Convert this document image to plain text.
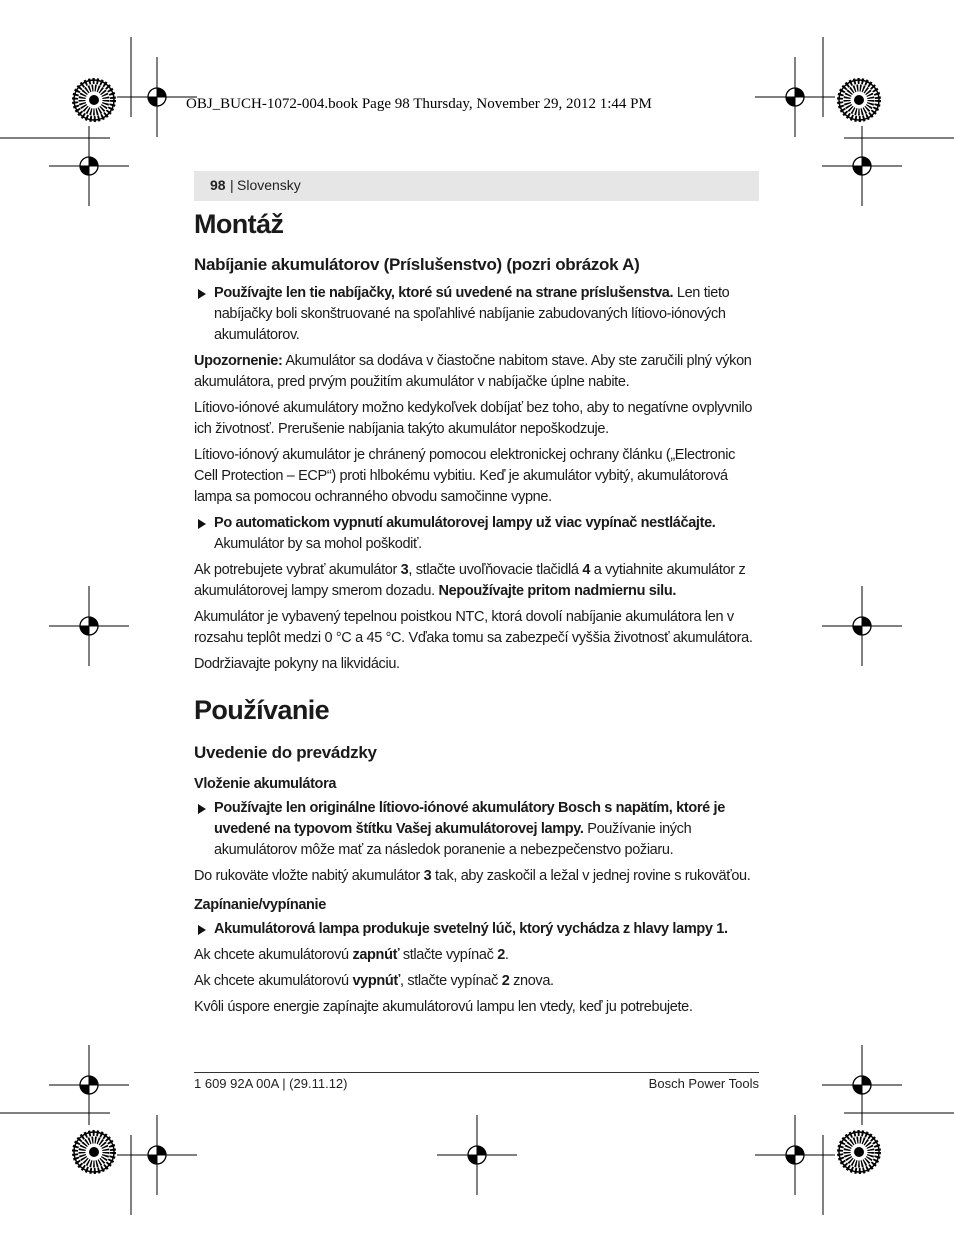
OBJ_BUCH-1072-004.book Page 98 Thursday, November 29, 2012 1:44 PM
98 | Slovensky
Montáž
Nabíjanie akumulátorov (Príslušenstvo) (pozri obrázok A)

Používajte len tie nabíjačky, ktoré sú uvedené na strane príslušenstva. Len tieto nabíjačky boli skonštruované na spoľahlivé nabíjanie zabudovaných lítiovo-iónových akumulátorov.

Upozornenie: Akumulátor sa dodáva v čiastočne nabitom stave. Aby ste zaručili plný výkon akumulátora, pred prvým použitím akumulátor v nabíjačke úplne nabite.

Lítiovo-iónové akumulátory možno kedykoľvek dobíjať bez toho, aby to negatívne ovplyvnilo ich životnosť. Prerušenie nabíjania takýto akumulátor nepoškodzuje.

Lítiovo-iónový akumulátor je chránený pomocou elektronickej ochrany článku („Electronic Cell Protection – ECP“) proti hlbokému vybitiu. Keď je akumulátor vybitý, akumulátorová lampa sa pomocou ochranného obvodu samočinne vypne.

Po automatickom vypnutí akumulátorovej lampy už viac vypínač nestláčajte. Akumulátor by sa mohol poškodiť.

Ak potrebujete vybrať akumulátor 3, stlačte uvoľňovacie tlačidlá 4 a vytiahnite akumulátor z akumulátorovej lampy smerom dozadu. Nepoužívajte pritom nadmiernu silu.

Akumulátor je vybavený tepelnou poistkou NTC, ktorá dovolí nabíjanie akumulátora len v rozsahu teplôt medzi 0 °C a 45 °C. Vďaka tomu sa zabezpečí vyššia životnosť akumulátora.

Dodržiavajte pokyny na likvidáciu.

Používanie
Uvedenie do prevádzky
Vloženie akumulátora

Používajte len originálne lítiovo-iónové akumulátory Bosch s napätím, ktoré je uvedené na typovom štítku Vašej akumulátorovej lampy. Používanie iných akumulátorov môže mať za následok poranenie a nebezpečenstvo požiaru.

Do rukoväte vložte nabitý akumulátor 3 tak, aby zaskočil a ležal v jednej rovine s rukoväťou.

Zapínanie/vypínanie

Akumulátorová lampa produkuje svetelný lúč, ktorý vychádza z hlavy lampy 1.

Ak chcete akumulátorovú zapnúť stlačte vypínač 2.

Ak chcete akumulátorovú vypnúť, stlačte vypínač 2 znova.

Kvôli úspore energie zapínajte akumulátorovú lampu len vtedy, keď ju potrebujete.

1 609 92A 00A | (29.11.12)	Bosch Power Tools
